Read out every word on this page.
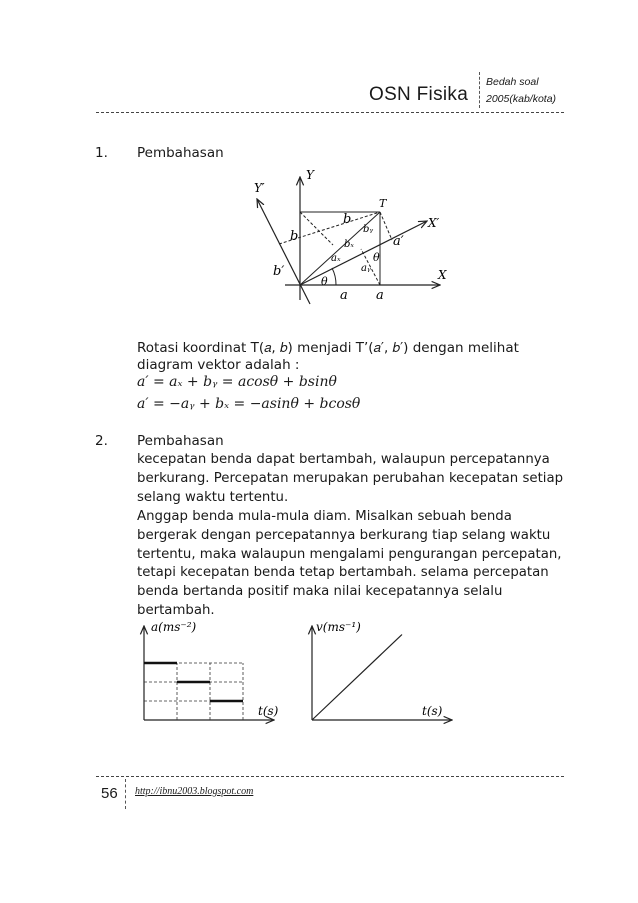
OSN Fisika
Bedah soal
2005(kab/kota)
1. Pembahasan
Y
Y′
X
X′
T
b
b
b′
a′
bᵧ
bₓ
aₓ
aᵧ
θ
θ
a a
Rotasi koordinat T(𝑎, 𝑏) menjadi T’(𝑎′, 𝑏′) dengan melihat
diagram vektor adalah :
𝑎′ = 𝑎ₓ + 𝑏ᵧ = 𝑎𝑐𝑜𝑠𝜃 + 𝑏𝑠𝑖𝑛𝜃
𝑎′ = −𝑎ᵧ + 𝑏ₓ = −𝑎𝑠𝑖𝑛𝜃 + 𝑏𝑐𝑜𝑠𝜃
2. Pembahasan

kecepatan benda dapat bertambah, walaupun percepatannya

berkurang. Percepatan merupakan perubahan kecepatan setiap

selang waktu tertentu.

Anggap benda mula-mula diam. Misalkan sebuah benda

bergerak dengan percepatannya berkurang tiap selang waktu

tertentu, maka walaupun mengalami pengurangan percepatan,

tetapi kecepatan benda tetap bertambah. selama percepatan

benda bertanda positif maka nilai kecepatannya selalu

bertambah.

a(ms⁻²)
t(s)
v(ms⁻¹)
t(s)
56 http://ibnu2003.blogspot.com
